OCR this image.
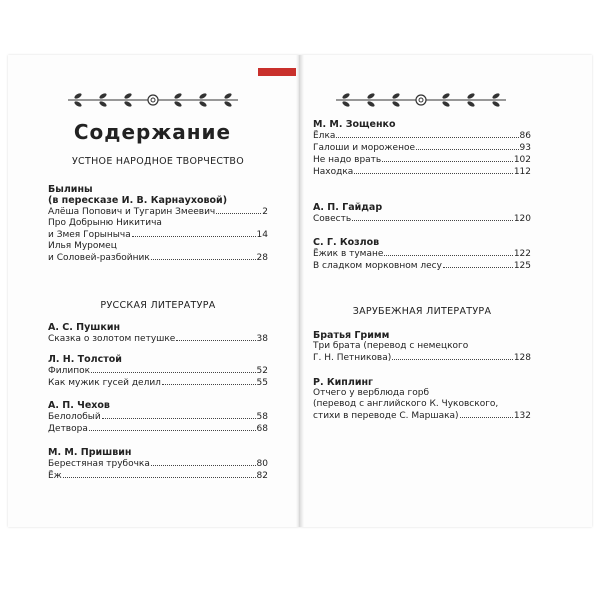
Содержание

УСТНОЕ НАРОДНОЕ ТВОРЧЕСТВО

Былины

(в пересказе И. В. Карнауховой)

Алёша Попович и Тугарин Змеевич	2
Про Добрыню Никитича
и Змея Горыныча	14
Илья Муромец
и Соловей-разбойник	28

РУССКАЯ ЛИТЕРАТУРА

А. С. Пушкин

Сказка о золотом петушке	38

Л. Н. Толстой

Филипок	52
Как мужик гусей делил	55

А. П. Чехов

Белолобый	58
Детвора	68

М. М. Пришвин

Берестяная трубочка	80
Ёж	82

М. М. Зощенко

Ёлка	86
Галоши и мороженое	93
Не надо врать	102
Находка	112

А. П. Гайдар

Совесть	120

С. Г. Козлов

Ёжик в тумане	122
В сладком морковном лесу	125

ЗАРУБЕЖНАЯ ЛИТЕРАТУРА

Братья Гримм

Три брата (перевод с немецкого
Г. Н. Петникова)	128

Р. Киплинг

Отчего у верблюда горб
(перевод с английского К. Чуковского,
стихи в переводе С. Маршака)	132
